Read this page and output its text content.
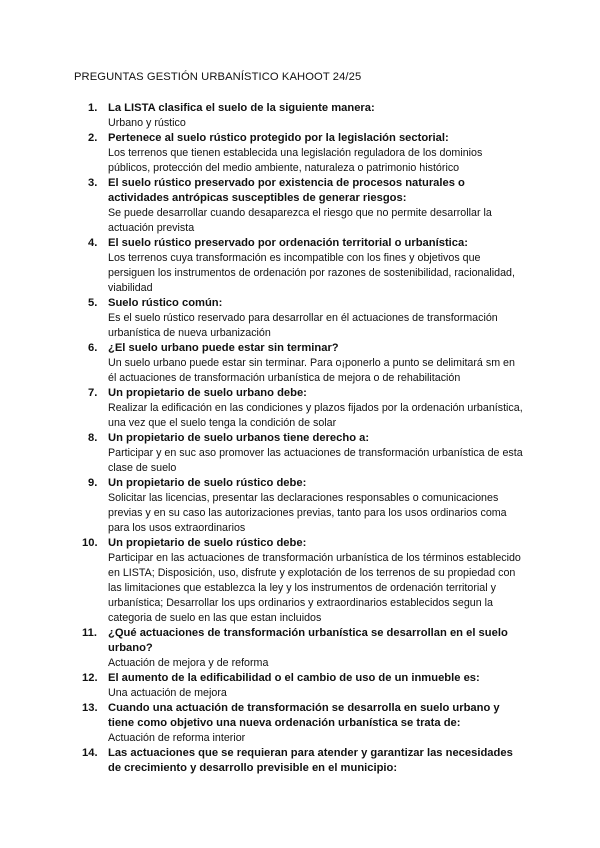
PREGUNTAS GESTIÓN URBANÍSTICO KAHOOT 24/25
1. La LISTA clasifica el suelo de la siguiente manera:
Urbano y rústico
2. Pertenece al suelo rústico protegido por la legislación sectorial:
Los terrenos que tienen establecida una legislación reguladora de los dominios públicos, protección del medio ambiente, naturaleza o patrimonio histórico
3. El suelo rústico preservado por existencia de procesos naturales o actividades antrópicas susceptibles de generar riesgos:
Se puede desarrollar cuando desaparezca el riesgo que no permite desarrollar la actuación prevista
4. El suelo rústico preservado por ordenación territorial o urbanística:
Los terrenos cuya transformación es incompatible con los fines y objetivos que persiguen los instrumentos de ordenación por razones de sostenibilidad, racionalidad, viabilidad
5. Suelo rústico común:
Es el suelo rústico reservado para desarrollar en él actuaciones de transformación urbanística de nueva urbanización
6. ¿El suelo urbano puede estar sin terminar?
Un suelo urbano puede estar sin terminar. Para o¡ponerlo a punto se delimitará sm en él actuaciones de transformación urbanística de mejora o de rehabilitación
7. Un propietario de suelo urbano debe:
Realizar la edificación en las condiciones y plazos fijados por la ordenación urbanística, una vez que el suelo tenga la condición de solar
8. Un propietario de suelo urbanos tiene derecho a:
Participar y en suc aso promover las actuaciones de transformación urbanística de esta clase de suelo
9. Un propietario de suelo rústico debe:
Solicitar las licencias, presentar las declaraciones responsables o comunicaciones previas y en su caso las autorizaciones previas, tanto para los usos ordinarios coma para los usos extraordinarios
10. Un propietario de suelo rústico debe:
Participar en las actuaciones de transformación urbanística de los términos establecido en LISTA; Disposición, uso, disfrute y explotación de los terrenos de su propiedad con las limitaciones que establezca la ley y los instrumentos de ordenación territorial y urbanística; Desarrollar los ups ordinarios y extraordinarios establecidos segun la categoria de suelo en las que estan incluidos
11. ¿Qué actuaciones de transformación urbanística se desarrollan en el suelo urbano?
Actuación de mejora y de reforma
12. El aumento de la edificabilidad o el cambio de uso de un inmueble es:
Una actuación de mejora
13. Cuando una actuación de transformación se desarrolla en suelo urbano y tiene como objetivo una nueva ordenación urbanística se trata de:
Actuación de reforma interior
14. Las actuaciones que se requieran para atender y garantizar las necesidades de crecimiento y desarrollo previsible en el municipio:
